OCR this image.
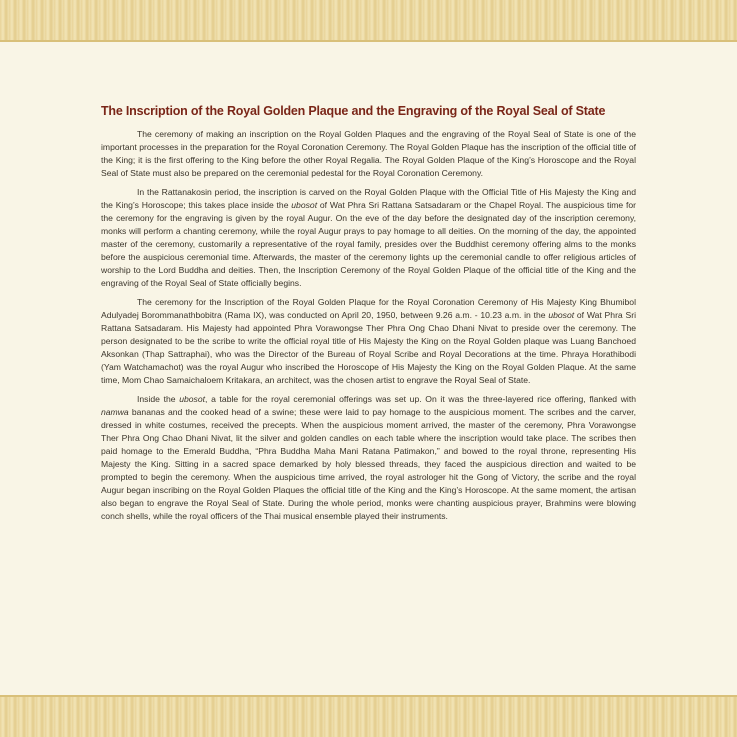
The Inscription of the Royal Golden Plaque and the Engraving of the Royal Seal of State

The ceremony of making an inscription on the Royal Golden Plaques and the engraving of the Royal Seal of State is one of the important processes in the preparation for the Royal Coronation Ceremony. The Royal Golden Plaque has the inscription of the official title of the King; it is the first offering to the King before the other Royal Regalia. The Royal Golden Plaque of the King’s Horoscope and the Royal Seal of State must also be prepared on the ceremonial pedestal for the Royal Coronation Ceremony.

In the Rattanakosin period, the inscription is carved on the Royal Golden Plaque with the Official Title of His Majesty the King and the King’s Horoscope; this takes place inside the ubosot of Wat Phra Sri Rattana Satsadaram or the Chapel Royal. The auspicious time for the ceremony for the engraving is given by the royal Augur. On the eve of the day before the designated day of the inscription ceremony, monks will perform a chanting ceremony, while the royal Augur prays to pay homage to all deities. On the morning of the day, the appointed master of the ceremony, customarily a representative of the royal family, presides over the Buddhist ceremony offering alms to the monks before the auspicious ceremonial time. Afterwards, the master of the ceremony lights up the ceremonial candle to offer religious articles of worship to the Lord Buddha and deities. Then, the Inscription Ceremony of the Royal Golden Plaque of the official title of the King and the engraving of the Royal Seal of State officially begins.

The ceremony for the Inscription of the Royal Golden Plaque for the Royal Coronation Ceremony of His Majesty King Bhumibol Adulyadej Borommanathbobitra (Rama IX), was conducted on April 20, 1950, between 9.26 a.m. - 10.23 a.m. in the ubosot of Wat Phra Sri Rattana Satsadaram. His Majesty had appointed Phra Vorawongse Ther Phra Ong Chao Dhani Nivat to preside over the ceremony. The person designated to be the scribe to write the official royal title of His Majesty the King on the Royal Golden plaque was Luang Banchoed Aksonkan (Thap Sattraphai), who was the Director of the Bureau of Royal Scribe and Royal Decorations at the time. Phraya Horathibodi (Yam Watchamachot) was the royal Augur who inscribed the Horoscope of His Majesty the King on the Royal Golden Plaque. At the same time, Mom Chao Samaichaloem Kritakara, an architect, was the chosen artist to engrave the Royal Seal of State.

Inside the ubosot, a table for the royal ceremonial offerings was set up. On it was the three-layered rice offering, flanked with namwa bananas and the cooked head of a swine; these were laid to pay homage to the auspicious moment. The scribes and the carver, dressed in white costumes, received the precepts. When the auspicious moment arrived, the master of the ceremony, Phra Vorawongse Ther Phra Ong Chao Dhani Nivat, lit the silver and golden candles on each table where the inscription would take place. The scribes then paid homage to the Emerald Buddha, “Phra Buddha Maha Mani Ratana Patimakon,” and bowed to the royal throne, representing His Majesty the King. Sitting in a sacred space demarked by holy blessed threads, they faced the auspicious direction and waited to be prompted to begin the ceremony. When the auspicious time arrived, the royal astrologer hit the Gong of Victory, the scribe and the royal Augur began inscribing on the Royal Golden Plaques the official title of the King and the King’s Horoscope. At the same moment, the artisan also began to engrave the Royal Seal of State. During the whole period, monks were chanting auspicious prayer, Brahmins were blowing conch shells, while the royal officers of the Thai musical ensemble played their instruments.
